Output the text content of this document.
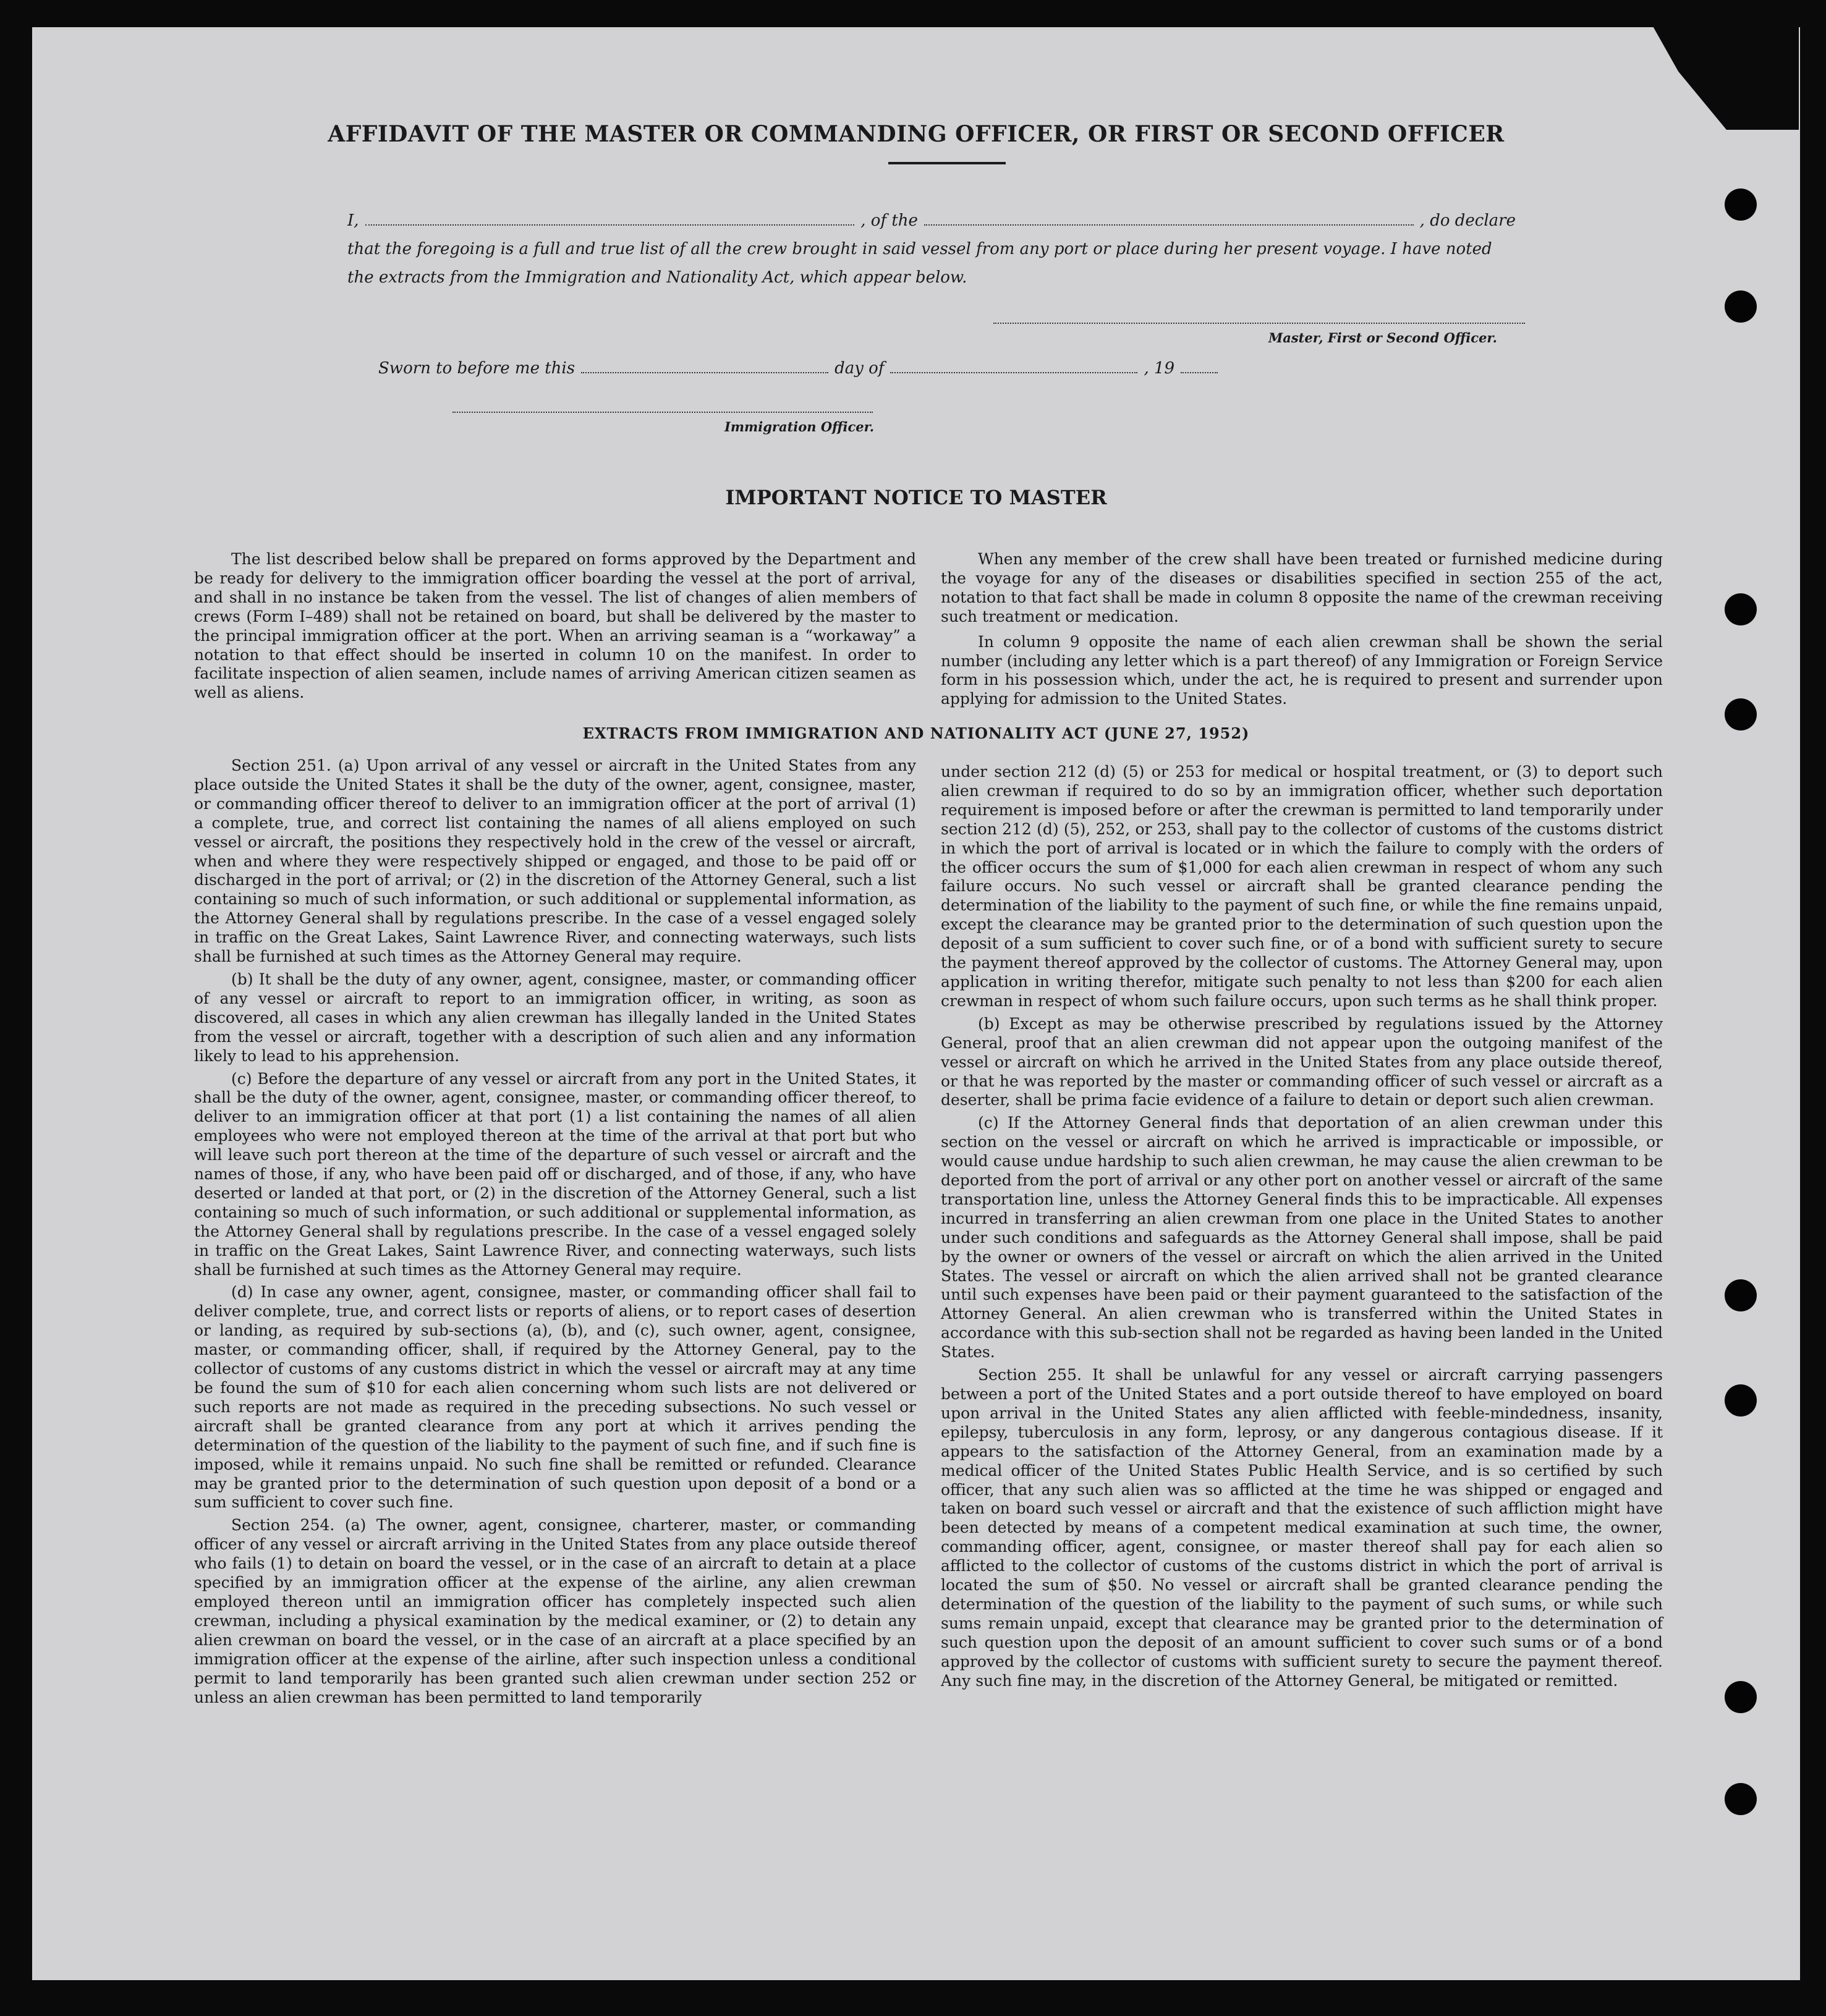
AFFIDAVIT OF THE MASTER OR COMMANDING OFFICER, OR FIRST OR SECOND OFFICER
I,	, of the	, do declare
that the foregoing is a full and true list of all the crew brought in said vessel from any port or place during her present voyage. I have noted the extracts from the Immigration and Nationality Act, which appear below.
Master, First or Second Officer.
Sworn to before me this	day of	, 19
Immigration Officer.
IMPORTANT NOTICE TO MASTER

The list described below shall be prepared on forms approved by the Department and be ready for delivery to the immigration officer boarding the vessel at the port of arrival, and shall in no instance be taken from the vessel. The list of changes of alien members of crews (Form I–489) shall not be retained on board, but shall be delivered by the master to the principal immigration officer at the port. When an arriving seaman is a “workaway” a notation to that effect should be inserted in column 10 on the manifest. In order to facilitate inspection of alien seamen, include names of arriving American citizen seamen as well as aliens.

When any member of the crew shall have been treated or furnished medicine during the voyage for any of the diseases or disabilities specified in section 255 of the act, notation to that fact shall be made in column 8 opposite the name of the crewman receiving such treatment or medication.

In column 9 opposite the name of each alien crewman shall be shown the serial number (including any letter which is a part thereof) of any Immigration or Foreign Service form in his possession which, under the act, he is required to present and surrender upon applying for admission to the United States.

EXTRACTS FROM IMMIGRATION AND NATIONALITY ACT (JUNE 27, 1952)

Section 251. (a) Upon arrival of any vessel or aircraft in the United States from any place outside the United States it shall be the duty of the owner, agent, consignee, master, or commanding officer thereof to deliver to an immigration officer at the port of arrival (1) a complete, true, and correct list containing the names of all aliens employed on such vessel or aircraft, the positions they respectively hold in the crew of the vessel or aircraft, when and where they were respectively shipped or engaged, and those to be paid off or discharged in the port of arrival; or (2) in the discretion of the Attorney General, such a list containing so much of such information, or such additional or supplemental information, as the Attorney General shall by regulations prescribe. In the case of a vessel engaged solely in traffic on the Great Lakes, Saint Lawrence River, and connecting waterways, such lists shall be furnished at such times as the Attorney General may require.

(b) It shall be the duty of any owner, agent, consignee, master, or commanding officer of any vessel or aircraft to report to an immigration officer, in writing, as soon as discovered, all cases in which any alien crewman has illegally landed in the United States from the vessel or aircraft, together with a description of such alien and any information likely to lead to his apprehension.

(c) Before the departure of any vessel or aircraft from any port in the United States, it shall be the duty of the owner, agent, consignee, master, or commanding officer thereof, to deliver to an immigration officer at that port (1) a list containing the names of all alien employees who were not employed thereon at the time of the arrival at that port but who will leave such port thereon at the time of the departure of such vessel or aircraft and the names of those, if any, who have been paid off or discharged, and of those, if any, who have deserted or landed at that port, or (2) in the discretion of the Attorney General, such a list containing so much of such information, or such additional or supplemental information, as the Attorney General shall by regulations prescribe. In the case of a vessel engaged solely in traffic on the Great Lakes, Saint Lawrence River, and connecting waterways, such lists shall be furnished at such times as the Attorney General may require.

(d) In case any owner, agent, consignee, master, or commanding officer shall fail to deliver complete, true, and correct lists or reports of aliens, or to report cases of desertion or landing, as required by sub-sections (a), (b), and (c), such owner, agent, consignee, master, or commanding officer, shall, if required by the Attorney General, pay to the collector of customs of any customs district in which the vessel or aircraft may at any time be found the sum of $10 for each alien concerning whom such lists are not delivered or such reports are not made as required in the preceding subsections. No such vessel or aircraft shall be granted clearance from any port at which it arrives pending the determination of the question of the liability to the payment of such fine, and if such fine is imposed, while it remains unpaid. No such fine shall be remitted or refunded. Clearance may be granted prior to the determination of such question upon deposit of a bond or a sum sufficient to cover such fine.

Section 254. (a) The owner, agent, consignee, charterer, master, or commanding officer of any vessel or aircraft arriving in the United States from any place outside thereof who fails (1) to detain on board the vessel, or in the case of an aircraft to detain at a place specified by an immigration officer at the expense of the airline, any alien crewman employed thereon until an immigration officer has completely inspected such alien crewman, including a physical examination by the medical examiner, or (2) to detain any alien crewman on board the vessel, or in the case of an aircraft at a place specified by an immigration officer at the expense of the airline, after such inspection unless a conditional permit to land temporarily has been granted such alien crewman under section 252 or unless an alien crewman has been permitted to land temporarily

under section 212 (d) (5) or 253 for medical or hospital treatment, or (3) to deport such alien crewman if required to do so by an immigration officer, whether such deportation requirement is imposed before or after the crewman is permitted to land temporarily under section 212 (d) (5), 252, or 253, shall pay to the collector of customs of the customs district in which the port of arrival is located or in which the failure to comply with the orders of the officer occurs the sum of $1,000 for each alien crewman in respect of whom any such failure occurs. No such vessel or aircraft shall be granted clearance pending the determination of the liability to the payment of such fine, or while the fine remains unpaid, except the clearance may be granted prior to the determination of such question upon the deposit of a sum sufficient to cover such fine, or of a bond with sufficient surety to secure the payment thereof approved by the collector of customs. The Attorney General may, upon application in writing therefor, mitigate such penalty to not less than $200 for each alien crewman in respect of whom such failure occurs, upon such terms as he shall think proper.

(b) Except as may be otherwise prescribed by regulations issued by the Attorney General, proof that an alien crewman did not appear upon the outgoing manifest of the vessel or aircraft on which he arrived in the United States from any place outside thereof, or that he was reported by the master or commanding officer of such vessel or aircraft as a deserter, shall be prima facie evidence of a failure to detain or deport such alien crewman.

(c) If the Attorney General finds that deportation of an alien crewman under this section on the vessel or aircraft on which he arrived is impracticable or impossible, or would cause undue hardship to such alien crewman, he may cause the alien crewman to be deported from the port of arrival or any other port on another vessel or aircraft of the same transportation line, unless the Attorney General finds this to be impracticable. All expenses incurred in transferring an alien crewman from one place in the United States to another under such conditions and safeguards as the Attorney General shall impose, shall be paid by the owner or owners of the vessel or aircraft on which the alien arrived in the United States. The vessel or aircraft on which the alien arrived shall not be granted clearance until such expenses have been paid or their payment guaranteed to the satisfaction of the Attorney General. An alien crewman who is transferred within the United States in accordance with this sub-section shall not be regarded as having been landed in the United States.

Section 255. It shall be unlawful for any vessel or aircraft carrying passengers between a port of the United States and a port outside thereof to have employed on board upon arrival in the United States any alien afflicted with feeble-mindedness, insanity, epilepsy, tuberculosis in any form, leprosy, or any dangerous contagious disease. If it appears to the satisfaction of the Attorney General, from an examination made by a medical officer of the United States Public Health Service, and is so certified by such officer, that any such alien was so afflicted at the time he was shipped or engaged and taken on board such vessel or aircraft and that the existence of such affliction might have been detected by means of a competent medical examination at such time, the owner, commanding officer, agent, consignee, or master thereof shall pay for each alien so afflicted to the collector of customs of the customs district in which the port of arrival is located the sum of $50. No vessel or aircraft shall be granted clearance pending the determination of the question of the liability to the payment of such sums, or while such sums remain unpaid, except that clearance may be granted prior to the determination of such question upon the deposit of an amount sufficient to cover such sums or of a bond approved by the collector of customs with sufficient surety to secure the payment thereof. Any such fine may, in the discretion of the Attorney General, be mitigated or remitted.
